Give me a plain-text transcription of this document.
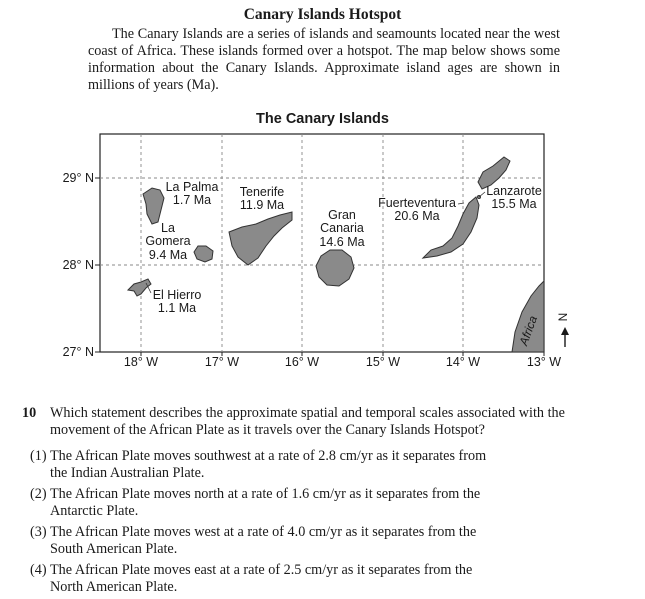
Canary Islands Hotspot
The Canary Islands are a series of islands and seamounts located near the west coast of Africa. These islands formed over a hotspot. The map below shows some information about the Canary Islands. Approximate island ages are shown in millions of years (Ma).
The Canary Islands
29° N
28° N
27° N
18° W	17° W	16° W	15° W	14° W	13° W
La Palma
1.7 Ma
La
Gomera
9.4 Ma
El Hierro
1.1 Ma
Tenerife
11.9 Ma
Gran
Canaria
14.6 Ma
Fuerteventura
20.6 Ma
Lanzarote
15.5 Ma
Africa N
10 Which statement describes the approximate spatial and temporal scales associated with the movement of the African Plate as it travels over the Canary Islands Hotspot?
(1) The African Plate moves southwest at a rate of 2.8 cm/yr as it separates from
the Indian Australian Plate.
(2) The African Plate moves north at a rate of 1.6 cm/yr as it separates from the
Antarctic Plate.
(3) The African Plate moves west at a rate of 4.0 cm/yr as it separates from the
South American Plate.
(4) The African Plate moves east at a rate of 2.5 cm/yr as it separates from the
North American Plate.
